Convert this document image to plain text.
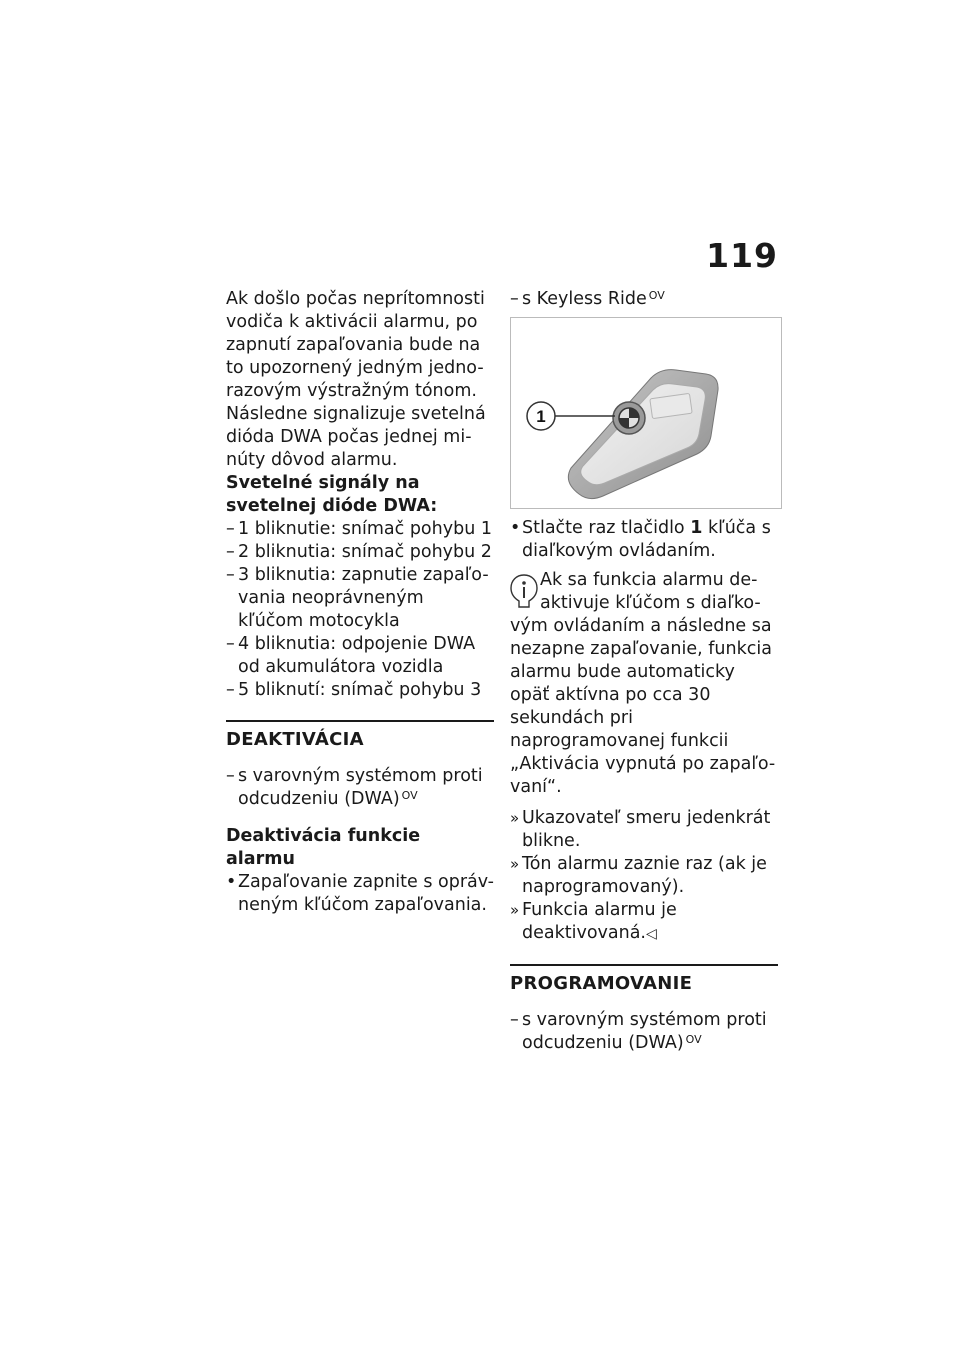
119

Ak došlo počas neprítomnosti vodiča k aktivácii alarmu, po zapnutí zapaľovania bude na to upozornený jedným jedno-razovým výstražným tónom. Následne signalizuje svetelná dióda DWA počas jednej mi-núty dôvod alarmu.

Svetelné signály na svetelnej dióde DWA:

– 1 bliknutie: snímač pohybu 1
– 2 bliknutia: snímač pohybu 2
– 3 bliknutia: zapnutie zapaľo-vania neoprávneným kľúčom motocykla
– 4 bliknutia: odpojenie DWA od akumulátora vozidla
– 5 bliknutí: snímač pohybu 3
DEAKTIVÁCIA
– s varovným systémom proti odcudzeniu (DWA) $^{OV}$

Deaktivácia funkcie alarmu

• Zapaľovanie zapnite s opráv-neným kľúčom zapaľovania.
– s Keyless Ride $^{OV}$
1
• Stlačte raz tlačidlo 1 kľúča s diaľkovým ovládaním.

Ak sa funkcia alarmu de-aktivuje kľúčom s diaľko-

vým ovládaním a následne sa nezapne zapaľovanie, funkcia alarmu bude automaticky opäť aktívna po cca 30 sekundách pri naprogramovanej funkcii „Aktivácia vypnutá po zapaľo-vaní“.

» Ukazovateľ smeru jedenkrát blikne.
» Tón alarmu zaznie raz (ak je naprogramovaný).
» Funkcia alarmu je deaktivovaná.◁
PROGRAMOVANIE
– s varovným systémom proti odcudzeniu (DWA) $^{OV}$
